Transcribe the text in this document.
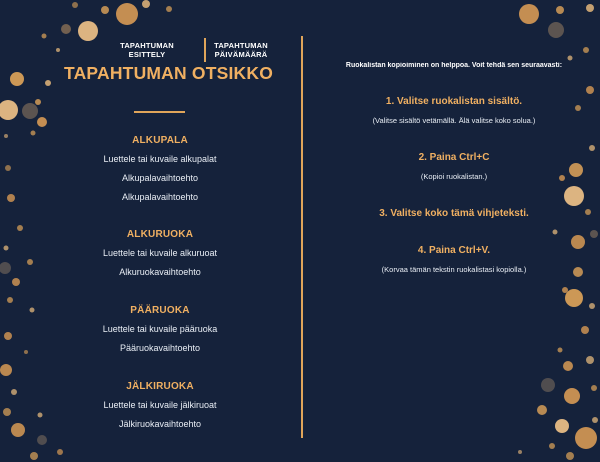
TAPAHTUMAN
ESITTELY
TAPAHTUMAN
PÄIVÄMÄÄRÄ
TAPAHTUMAN OTSIKKO
ALKUPALA
Luettele tai kuvaile alkupalat
Alkupalavaihtoehto
Alkupalavaihtoehto
ALKURUOKA
Luettele tai kuvaile alkuruoat
Alkuruokavaihtoehto
PÄÄRUOKA
Luettele tai kuvaile pääruoka
Pääruokavaihtoehto
JÄLKIRUOKA
Luettele tai kuvaile jälkiruoat
Jälkiruokavaihtoehto
Ruokalistan kopioiminen on helppoa. Voit tehdä sen seuraavasti:
1. Valitse ruokalistan sisältö.
(Valitse sisältö vetämällä. Älä valitse koko solua.)
2. Paina Ctrl+C
(Kopioi ruokalistan.)
3. Valitse koko tämä vihjeteksti.
4. Paina Ctrl+V.
(Korvaa tämän tekstin ruokalistasi kopiolla.)
